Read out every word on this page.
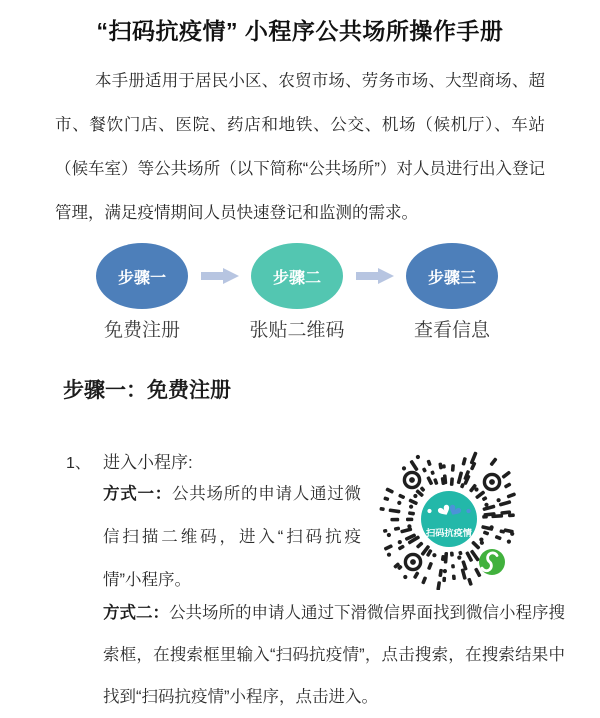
“扫码抗疫情” 小程序公共场所操作手册

本手册适用于居民小区、农贸市场、劳务市场、大型商场、超市、餐饮门店、医院、药店和地铁、公交、机场（候机厅）、车站（候车室）等公共场所（以下简称“公共场所”）对人员进行出入登记管理，满足疫情期间人员快速登记和监测的需求。

步骤一
免费注册
步骤二
张贴二维码
步骤三
查看信息
步骤一：免费注册
1、 进入小程序:

方式一：公共场所的申请人通过微信扫描二维码，进入“扫码抗疫情”小程序。

扫码抗疫情

方式二：公共场所的申请人通过下滑微信界面找到微信小程序搜索框，在搜索框里输入“扫码抗疫情”，点击搜索，在搜索结果中找到“扫码抗疫情”小程序，点击进入。
